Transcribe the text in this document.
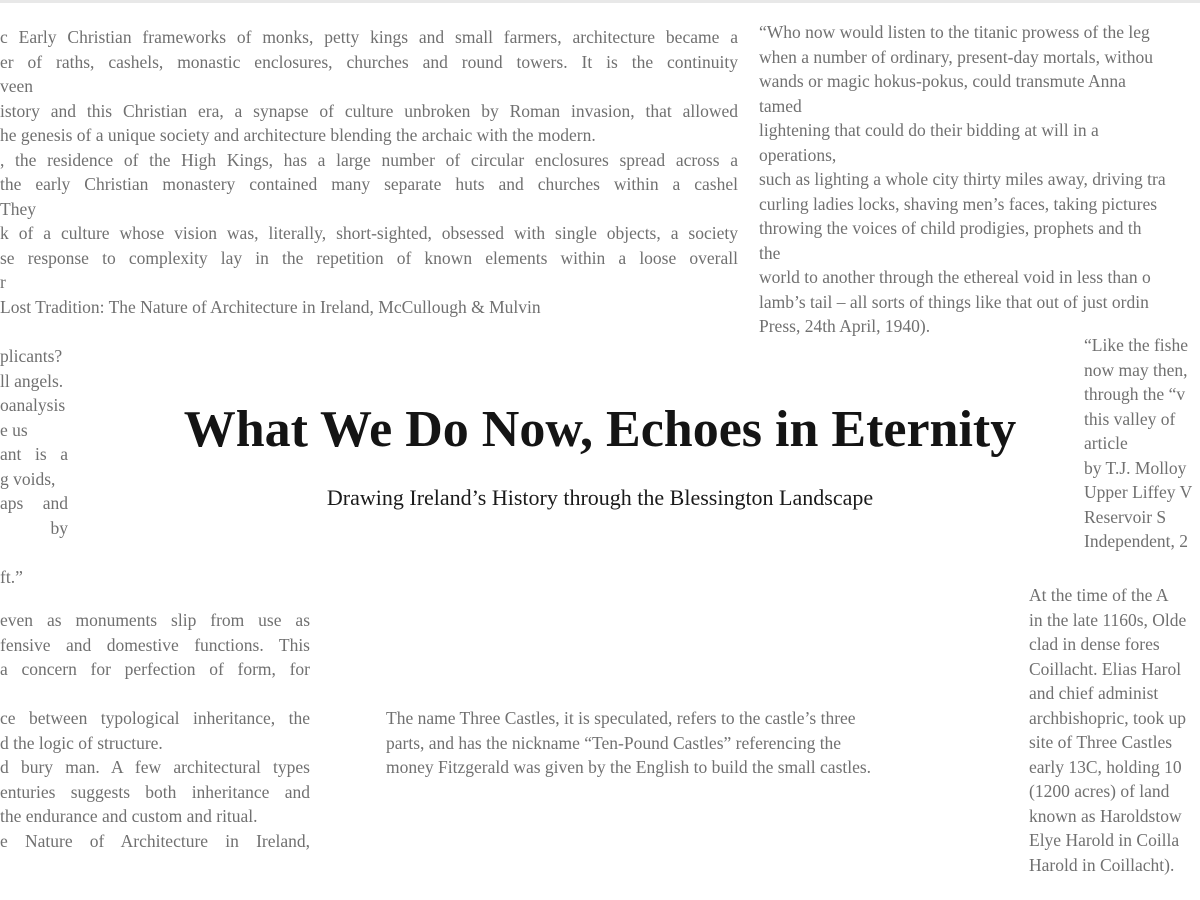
c Early Christian frameworks of monks, petty kings and small farmers, architecture became a
er of raths, cashels, monastic enclosures, churches and round towers. It is the continuity
veen
istory and this Christian era, a synapse of culture unbroken by Roman invasion, that allowed
he genesis of a unique society and architecture blending the archaic with the modern.
, the residence of the High Kings, has a large number of circular enclosures spread across a
the early Christian monastery contained many separate huts and churches within a cashel
They
k of a culture whose vision was, literally, short-sighted, obsessed with single objects, a society
se response to complexity lay in the repetition of known elements within a loose overall
r
Lost Tradition: The Nature of Architecture in Ireland, McCullough & Mulvin
“Who now would listen to the titanic prowess of the leg
when a number of ordinary, present-day mortals, withou
wands or magic hokus-pokus, could transmute Anna
tamed
lightening that could do their bidding at will in a
operations,
such as lighting a whole city thirty miles away, driving tra
curling ladies locks, shaving men’s faces, taking pictures
throwing the voices of child prodigies, prophets and th
the
world to another through the ethereal void in less than o
lamb’s tail – all sorts of things like that out of just ordin
Press, 24th April, 1940).
plicants?
ll angels.
oanalysis
e us
ant is a
g voids,
aps and
by
ft.”
“Like the fishe
now may then,
through the “v
this valley of
article
by T.J. Molloy
Upper Liffey V
Reservoir S
Independent, 2
even as monuments slip from use as
fensive and domestive functions. This
a concern for perfection of form, for
ce between typological inheritance, the
d the logic of structure.
d bury man. A few architectural types
enturies suggests both inheritance and
the endurance and custom and ritual.
e Nature of Architecture in Ireland,
The name Three Castles, it is speculated, refers to the castle’s three
parts, and has the nickname “Ten-Pound Castles” referencing the
money Fitzgerald was given by the English to build the small castles.
At the time of the A
in the late 1160s, Olde
clad in dense fores
Coillacht. Elias Harol
and chief administ
archbishopric, took up
site of Three Castles
early 13C, holding 10
(1200 acres) of land
known as Haroldstow
Elye Harold in Coilla
Harold in Coillacht).
What We Do Now, Echoes in Eternity
Drawing Ireland’s History through the Blessington Landscape
